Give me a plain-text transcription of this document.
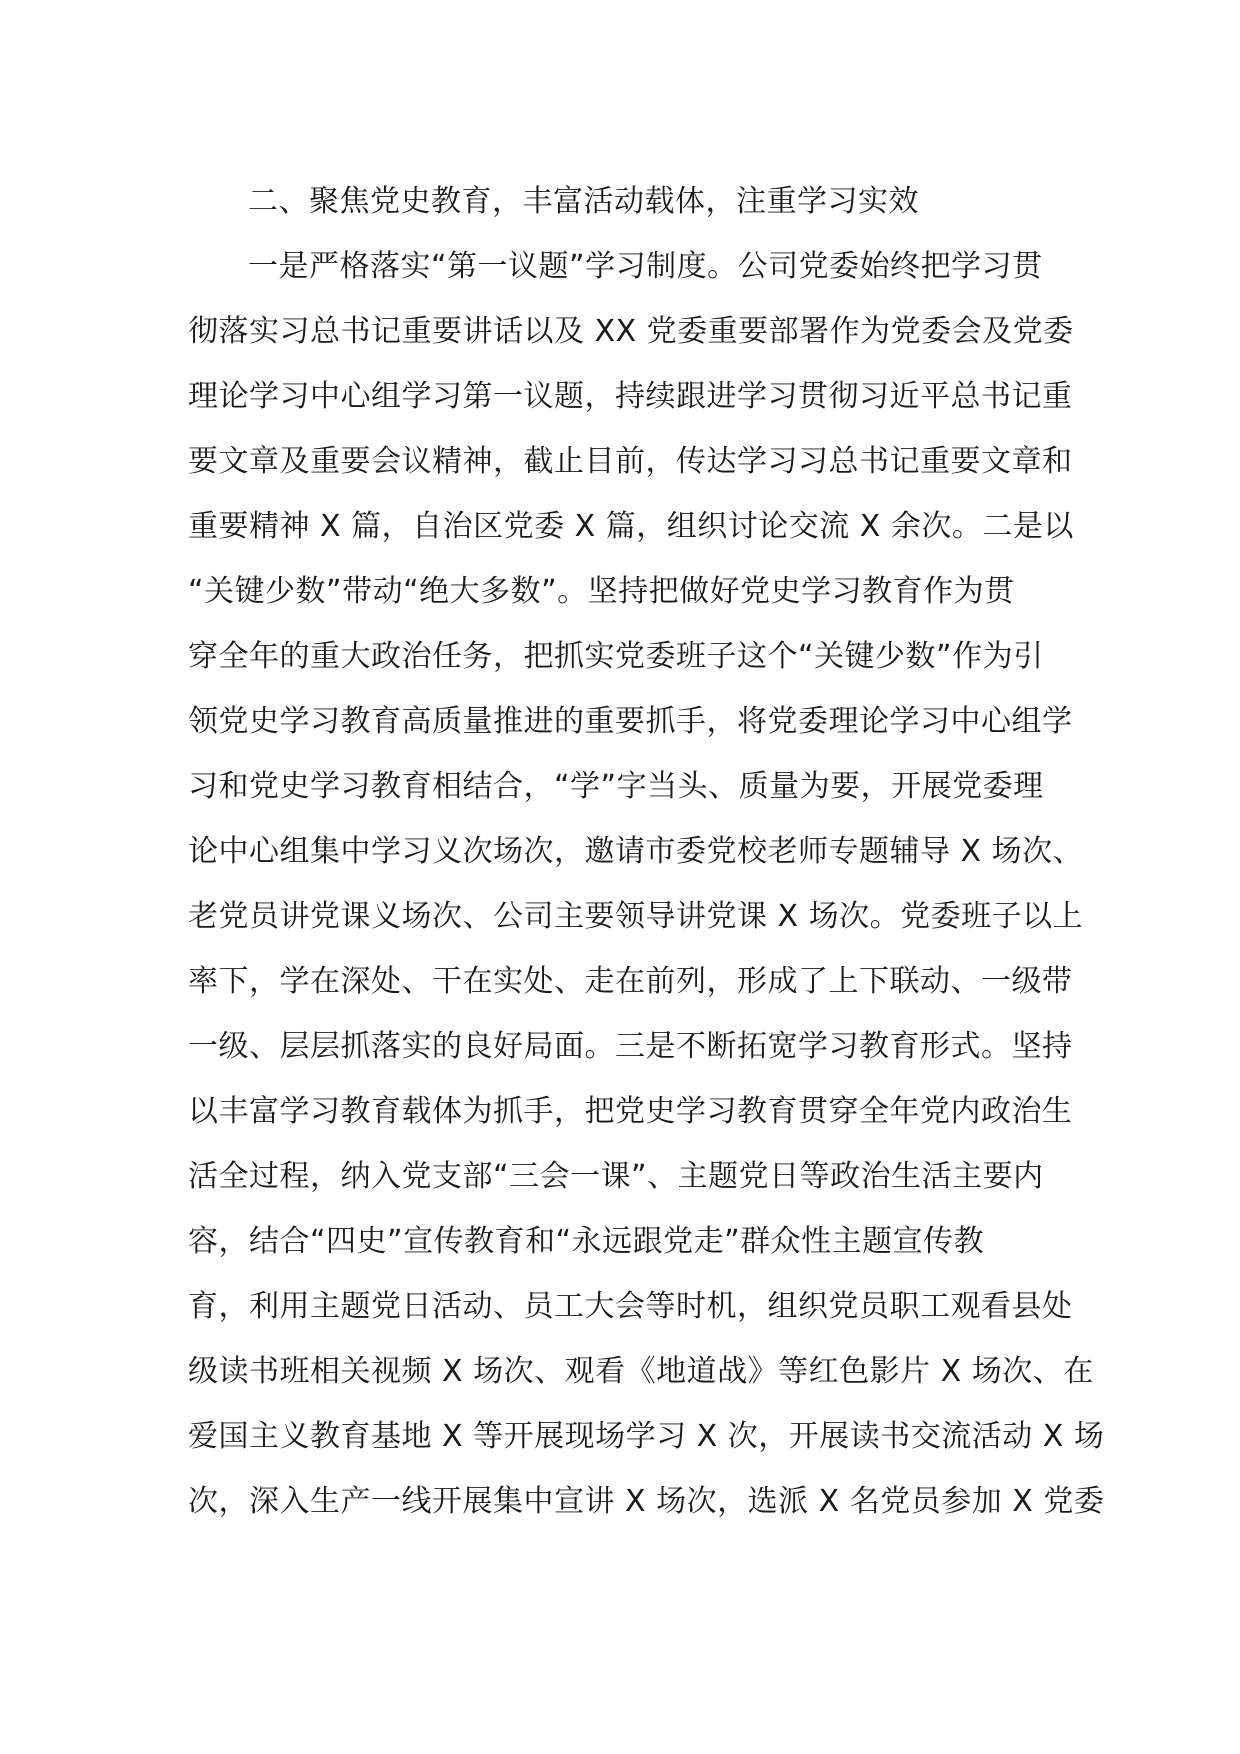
二、聚焦党史教育，丰富活动载体，注重学习实效
一是严格落实“第一议题”学习制度。公司党委始终把学习贯
彻落实习总书记重要讲话以及 XX 党委重要部署作为党委会及党委
理论学习中心组学习第一议题，持续跟进学习贯彻习近平总书记重
要文章及重要会议精神，截止目前，传达学习习总书记重要文章和
重要精神 X 篇，自治区党委 X 篇，组织讨论交流 X 余次。二是以
“关键少数”带动“绝大多数”。坚持把做好党史学习教育作为贯
穿全年的重大政治任务，把抓实党委班子这个“关键少数”作为引
领党史学习教育高质量推进的重要抓手，将党委理论学习中心组学
习和党史学习教育相结合，“学”字当头、质量为要，开展党委理
论中心组集中学习义次场次，邀请市委党校老师专题辅导 X 场次、
老党员讲党课义场次、公司主要领导讲党课 X 场次。党委班子以上
率下，学在深处、干在实处、走在前列，形成了上下联动、一级带
一级、层层抓落实的良好局面。三是不断拓宽学习教育形式。坚持
以丰富学习教育载体为抓手，把党史学习教育贯穿全年党内政治生
活全过程，纳入党支部“三会一课”、主题党日等政治生活主要内
容，结合“四史”宣传教育和“永远跟党走”群众性主题宣传教
育，利用主题党日活动、员工大会等时机，组织党员职工观看县处
级读书班相关视频 X 场次、观看《地道战》等红色影片 X 场次、在
爱国主义教育基地 X 等开展现场学习 X 次，开展读书交流活动 X 场
次，深入生产一线开展集中宣讲 X 场次，选派 X 名党员参加 X 党委
